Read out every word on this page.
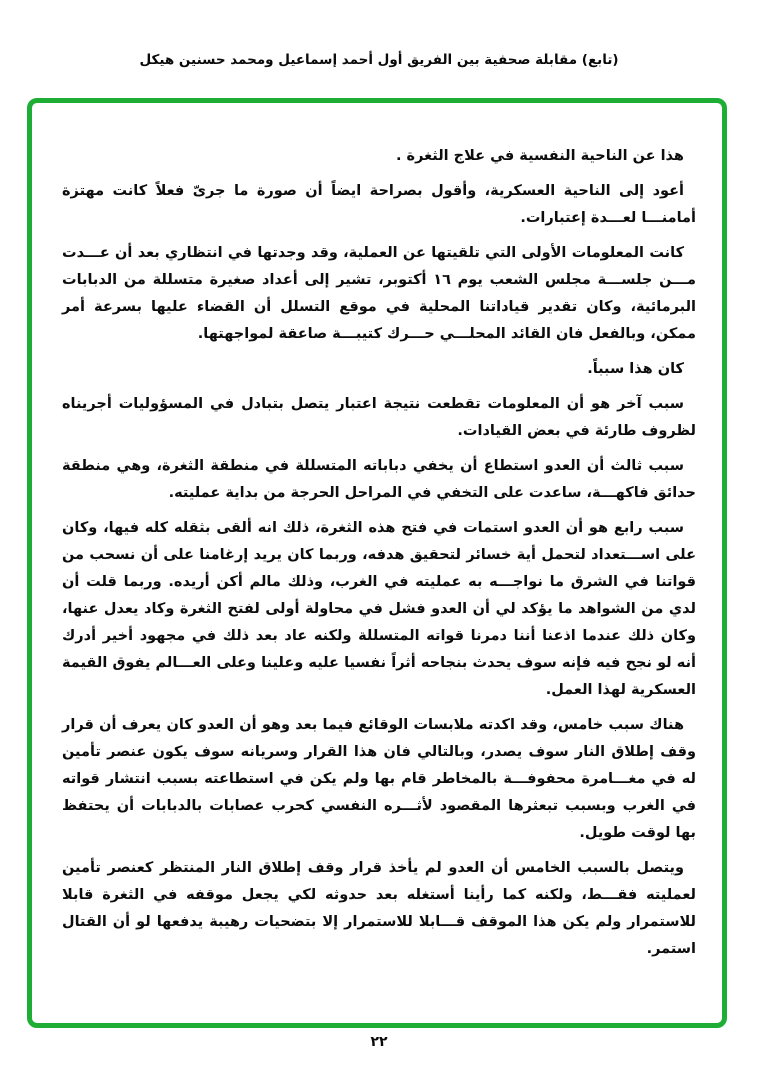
(تابع) مقابلة صحفية بين الفريق أول أحمد إسماعيل ومحمد حسنين هيكل

هذا عن الناحية النفسية في علاج الثغرة .

أعود إلى الناحية العسكرية، وأقول بصراحة ايضاً أن صورة ما جرىّ فعلاً كانت مهتزة أمامنـــا لعـــدة إعتبارات.

كانت المعلومات الأولى التي تلقيتها عن العملية، وقد وجدتها في انتظاري بعد أن عـــدت مـــن جلســـة مجلس الشعب يوم ١٦ أكتوبر، تشير إلى أعداد صغيرة متسللة من الدبابات البرمائية، وكان تقدير قياداتنا المحلية في موقع التسلل أن القضاء عليها بسرعة أمر ممكن، وبالفعل فان القائد المحلـــي حـــرك كتيبـــة صاعقة لمواجهتها.

كان هذا سبباً.

سبب آخر هو أن المعلومات تقطعت نتيجة اعتبار يتصل بتبادل في المسؤوليات أجريناه لظروف طارئة في بعض القيادات.

سبب ثالث أن العدو استطاع أن يخفي دباباته المتسللة في منطقة الثغرة، وهي منطقة حدائق فاكهـــة، ساعدت على التخفي في المراحل الحرجة من بداية عمليته.

سبب رابع هو أن العدو استمات في فتح هذه الثغرة، ذلك انه ألقى بثقله كله فيها، وكان على اســـتعداد لتحمل أية خسائر لتحقيق هدفه، وربما كان يريد إرغامنا على أن نسحب من قواتنا في الشرق ما نواجـــه به عمليته في الغرب، وذلك مالم أكن أريده. وربما قلت أن لدي من الشواهد ما يؤكد لي أن العدو فشل في محاولة أولى لفتح الثغرة وكاد يعدل عنها، وكان ذلك عندما اذعنا أننا دمرنا قواته المتسللة ولكنه عاد بعد ذلك في مجهود أخير أدرك أنه لو نجح فيه فإنه سوف يحدث بنجاحه أثراً نفسيا عليه وعلينا وعلى العـــالم يفوق القيمة العسكرية لهذا العمل.

هناك سبب خامس، وقد اكدته ملابسات الوقائع فيما بعد وهو أن العدو كان يعرف أن قرار وقف إطلاق النار سوف يصدر، وبالتالي فان هذا القرار وسريانه سوف يكون عنصر تأمين له في مغـــامرة محفوفـــة بالمخاطر قام بها ولم يكن في استطاعته بسبب انتشار قواته في الغرب وبسبب تبعثرها المقصود لأثـــره النفسي كحرب عصابات بالدبابات أن يحتفظ بها لوقت طويل.

ويتصل بالسبب الخامس أن العدو لم يأخذ قرار وقف إطلاق النار المنتظر كعنصر تأمين لعمليته فقـــط، ولكنه كما رأينا أستغله بعد حدوثه لكي يجعل موقفه في الثغرة قابلا للاستمرار ولم يكن هذا الموقف قـــابلا للاستمرار إلا بتضحيات رهيبة يدفعها لو أن القتال استمر.

٢٢
